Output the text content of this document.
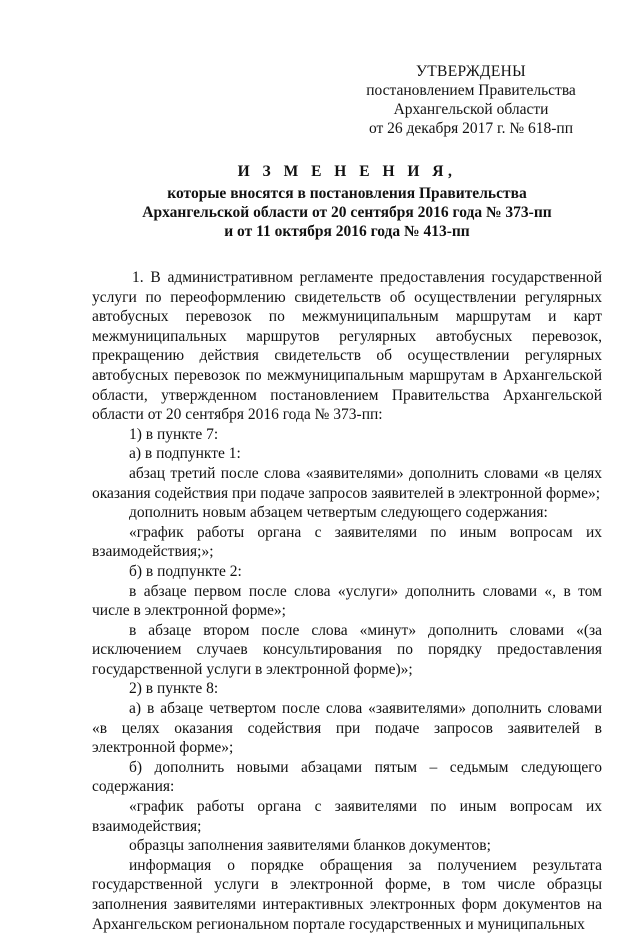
УТВЕРЖДЕНЫ
постановлением Правительства
Архангельской области
от 26 декабря 2017 г. № 618-пп
И З М Е Н Е Н И Я,
которые вносятся в постановления Правительства
Архангельской области от 20 сентября 2016 года № 373-пп
и от 11 октября 2016 года № 413-пп

1. В административном регламенте предоставления государственной услуги по переоформлению свидетельств об осуществлении регулярных автобусных перевозок по межмуниципальным маршрутам и карт межмуниципальных маршрутов регулярных автобусных перевозок, прекращению действия свидетельств об осуществлении регулярных автобусных перевозок по межмуниципальным маршрутам в Архангельской области, утвержденном постановлением Правительства Архангельской области от 20 сентября 2016 года № 373-пп:

1) в пункте 7:

а) в подпункте 1:

абзац третий после слова «заявителями» дополнить словами «в целях оказания содействия при подаче запросов заявителей в электронной форме»;

дополнить новым абзацем четвертым следующего содержания:

«график работы органа с заявителями по иным вопросам их взаимодействия;»;

б) в подпункте 2:

в абзаце первом после слова «услуги» дополнить словами «, в том числе в электронной форме»;

в абзаце втором после слова «минут» дополнить словами «(за исключением случаев консультирования по порядку предоставления государственной услуги в электронной форме)»;

2) в пункте 8:

а) в абзаце четвертом после слова «заявителями» дополнить словами «в целях оказания содействия при подаче запросов заявителей в электронной форме»;

б) дополнить новыми абзацами пятым – седьмым следующего содержания:

«график работы органа с заявителями по иным вопросам их взаимодействия;

образцы заполнения заявителями бланков документов;

информация о порядке обращения за получением результата государственной услуги в электронной форме, в том числе образцы заполнения заявителями интерактивных электронных форм документов на Архангельском региональном портале государственных и муниципальных
